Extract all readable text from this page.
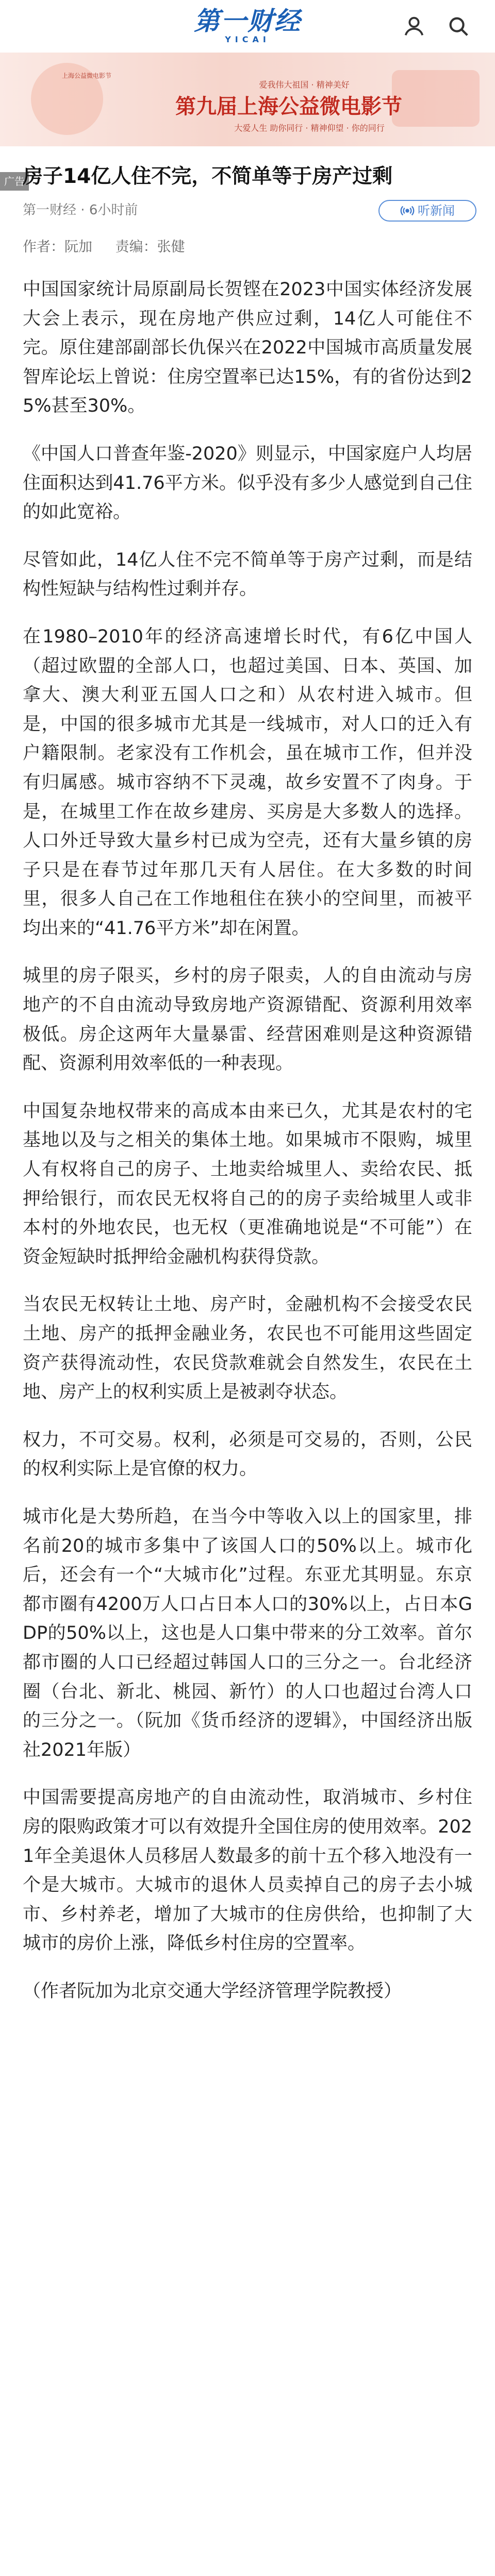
第一财经
YICAI
上海公益微电影节
爱我伟大祖国 · 精神美好
第九届上海公益微电影节
大爱人生 助你同行 · 精神仰望 · 你的同行
广告
房子14亿人住不完，不简单等于房产过剩
第一财经 · 6小时前	听新闻
作者：阮加 责编：张健

中国国家统计局原副局长贺铿在2023中国实体经济发展大会上表示，现在房地产供应过剩，14亿人可能住不完。原住建部副部长仇保兴在2022中国城市高质量发展智库论坛上曾说：住房空置率已达15%，有的省份达到25%甚至30%。

《中国人口普查年鉴-2020》则显示，中国家庭户人均居住面积达到41.76平方米。似乎没有多少人感觉到自己住的如此宽裕。

尽管如此，14亿人住不完不简单等于房产过剩，而是结构性短缺与结构性过剩并存。

在1980–2010年的经济高速增长时代，有6亿中国人（超过欧盟的全部人口，也超过美国、日本、英国、加拿大、澳大利亚五国人口之和）从农村进入城市。但是，中国的很多城市尤其是一线城市，对人口的迁入有户籍限制。老家没有工作机会，虽在城市工作，但并没有归属感。城市容纳不下灵魂，故乡安置不了肉身。于是，在城里工作在故乡建房、买房是大多数人的选择。人口外迁导致大量乡村已成为空壳，还有大量乡镇的房子只是在春节过年那几天有人居住。在大多数的时间里，很多人自己在工作地租住在狭小的空间里，而被平均出来的“41.76平方米”却在闲置。

城里的房子限买，乡村的房子限卖，人的自由流动与房地产的不自由流动导致房地产资源错配、资源利用效率极低。房企这两年大量暴雷、经营困难则是这种资源错配、资源利用效率低的一种表现。

中国复杂地权带来的高成本由来已久，尤其是农村的宅基地以及与之相关的集体土地。如果城市不限购，城里人有权将自己的房子、土地卖给城里人、卖给农民、抵押给银行，而农民无权将自己的的房子卖给城里人或非本村的外地农民，也无权（更准确地说是“不可能”）在资金短缺时抵押给金融机构获得贷款。

当农民无权转让土地、房产时，金融机构不会接受农民土地、房产的抵押金融业务，农民也不可能用这些固定资产获得流动性，农民贷款难就会自然发生，农民在土地、房产上的权利实质上是被剥夺状态。

权力，不可交易。权利，必须是可交易的，否则，公民的权利实际上是官僚的权力。

城市化是大势所趋，在当今中等收入以上的国家里，排名前20的城市多集中了该国人口的50%以上。城市化后，还会有一个“大城市化”过程。东亚尤其明显。东京都市圈有4200万人口占日本人口的30%以上，占日本GDP的50%以上，这也是人口集中带来的分工效率。首尔都市圈的人口已经超过韩国人口的三分之一。台北经济圈（台北、新北、桃园、新竹）的人口也超过台湾人口的三分之一。（阮加《货币经济的逻辑》，中国经济出版社2021年版）

中国需要提高房地产的自由流动性，取消城市、乡村住房的限购政策才可以有效提升全国住房的使用效率。2021年全美退休人员移居人数最多的前十五个移入地没有一个是大城市。大城市的退休人员卖掉自己的房子去小城市、乡村养老，增加了大城市的住房供给，也抑制了大城市的房价上涨，降低乡村住房的空置率。

（作者阮加为北京交通大学经济管理学院教授）
